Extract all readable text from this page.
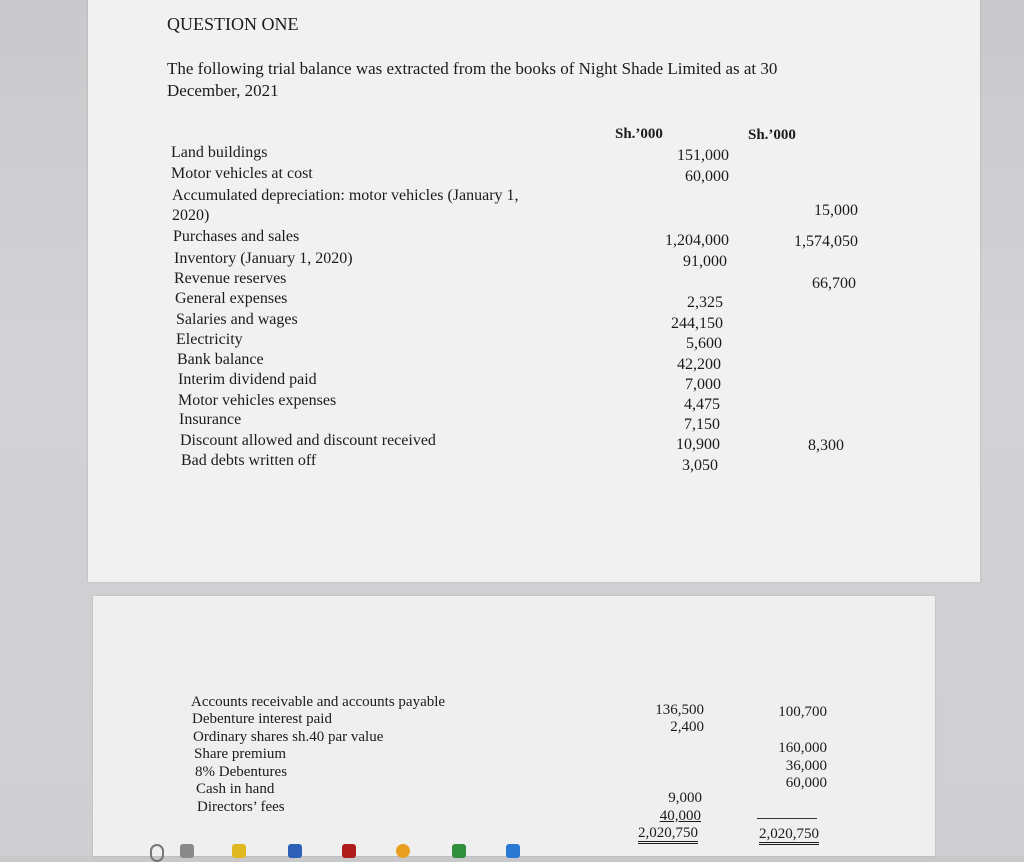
QUESTION ONE
The following trial balance was extracted from the books of Night Shade Limited as at 30
December, 2021
Sh.’000	Sh.’000
Land buildings
Motor vehicles at cost
Accumulated depreciation: motor vehicles (January 1,
2020)
Purchases and sales
Inventory (January 1, 2020)
Revenue reserves
General expenses
Salaries and wages
Electricity
Bank balance
Interim dividend paid
Motor vehicles expenses
Insurance
Discount allowed and discount received
Bad debts written off
151,000
60,000
1,204,000
91,000
2,325
244,150
5,600
42,200
7,000
4,475
7,150
10,900
3,050
15,000
1,574,050
66,700
8,300
Accounts receivable and accounts payable
Debenture interest paid
Ordinary shares sh.40 par value
Share premium
8% Debentures
Cash in hand
Directors’ fees
136,500
2,400
9,000
40,000
100,700
160,000
36,000
60,000
2,020,750	2,020,750
